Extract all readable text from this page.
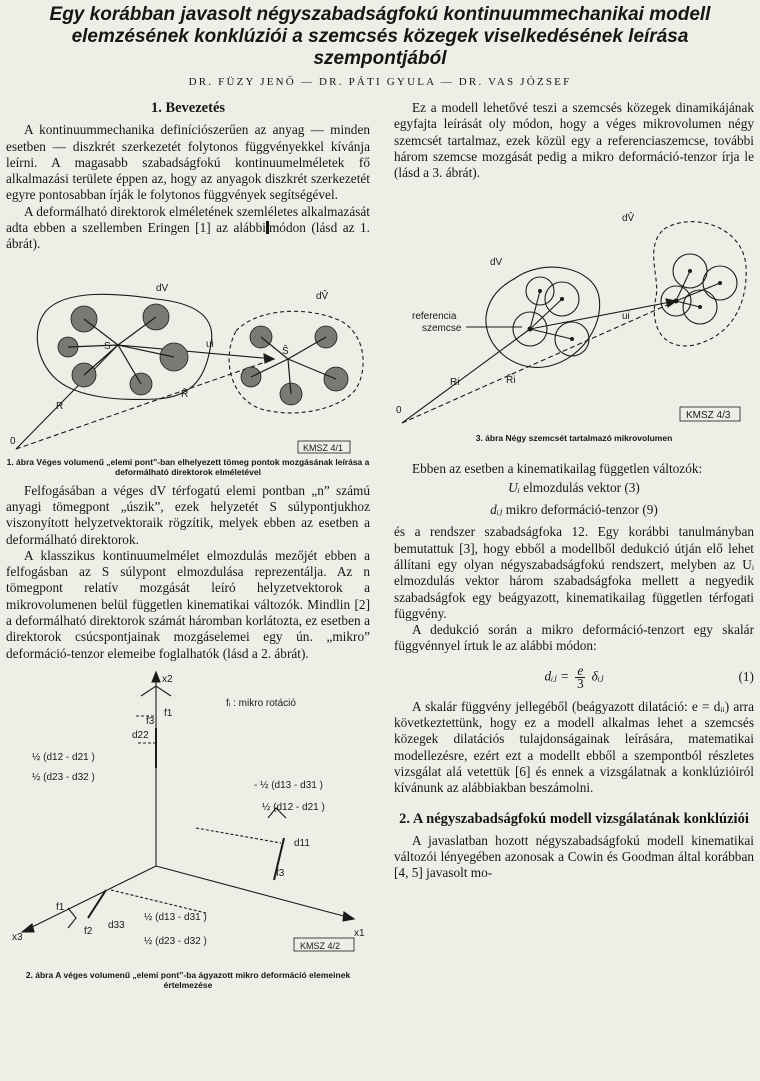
Egy korábban javasolt négyszabadságfokú kontinuummechanikai modell
elemzésének konklúziói a szemcsés közegek viselkedésének leírása
szempontjából
DR. FÜZY JENŐ — DR. PÁTI GYULA — DR. VAS JÓZSEF
1. Bevezetés

A kontinuummechanika definíciószerűen az anyag — minden esetben — diszkrét szerkezetét folytonos függvényekkel kívánja leírni. A magasabb szabadságfokú kontinuumelméletek fő alkalmazási területe éppen az, hogy az anyagok diszkrét szerkezetét egyre pontosabban írják le folytonos függvények segítségével.

A deformálható direktorok elméletének szemléletes alkalmazását adta ebben a szellemben Eringen [1] az alábbi módon (lásd az 1. ábrát).

dV
dV̂
S	Ŝ
ui
R
R̂
0
KMSZ 4/1
1. ábra Véges volumenű „elemi pont”-ban elhelyezett tömeg pontok mozgásának leírása a deformálható direktorok elméletével

Felfogásában a véges dV térfogatú elemi pontban „n” számú anyagi tömegpont „úszik”, ezek helyzetét S súlypontjukhoz viszonyított helyzetvektoraik rögzítik, melyek ebben az esetben a deformálható direktorok.

A klasszikus kontinuumelmélet elmozdulás mezőjét ebben a felfogásban az S súlypont elmozdulása reprezentálja. Az n tömegpont relatív mozgását leíró helyzetvektorok a mikrovolumenen belül független kinematikai változók. Mindlin [2] a deformálható direktorok számát háromban korlátozta, ez esetben a direktorok csúcspontjainak mozgáselemei egy ún. „mikro” deformáció-tenzor elemeibe foglalhatók (lásd a 2. ábrát).

x2
x1
x3
fᵢ : mikro rotáció
f3
f1
d22
½ (d12 - d21 )
½ (d23 - d32 )
- ½ (d13 - d31 )
½ (d12 - d21 )
d11
f3
f1
f2
d33
½ (d13 - d31 )
½ (d23 - d32 )	KMSZ 4/2
2. ábra A véges volumenű „elemi pont”-ba ágyazott mikro deformáció elemeinek értelmezése

Ez a modell lehetővé teszi a szemcsés közegek dinamikájának egyfajta leírását oly módon, hogy a véges mikrovolumen négy szemcsét tartalmaz, ezek közül egy a referenciaszemcse, további három szemcse mozgását pedig a mikro deformáció-tenzor írja le (lásd a 3. ábrát).

dV
dV̂
referencia
szemcse
ui
Ri	R̂i
0	KMSZ 4/3
3. ábra Négy szemcsét tartalmazó mikrovolumen

Ebben az esetben a kinematikailag független változók:

Uᵢ elmozdulás vektor (3)
dᵢⱼ mikro deformáció-tenzor (9)

és a rendszer szabadságfoka 12. Egy korábbi tanulmányban bemutattuk [3], hogy ebből a modellből dedukció útján elő lehet állítani egy olyan négyszabadságfokú rendszert, melyben az Uᵢ elmozdulás vektor három szabadságfoka mellett a negyedik szabadságfok egy beágyazott, kinematikailag független térfogati függvény.

A dedukció során a mikro deformáció-tenzort egy skalár függvénnyel írtuk le az alábbi módon:

dᵢⱼ = $\frac{e}{3}$ δᵢⱼ	(1)

A skalár függvény jellegéből (beágyazott dilatáció: e = dᵢᵢ) arra következtettünk, hogy ez a modell alkalmas lehet a szemcsés közegek dilatációs tulajdonságainak leírására, matematikai modellezésre, ezért ezt a modellt ebből a szempontból részletes vizsgálat alá vetettük [6] és ennek a vizsgálatnak a konklúzióiról kívánunk az alábbiakban beszámolni.

2. A négyszabadságfokú modell vizsgálatának konklúziói

A javaslatban hozott négyszabadságfokú modell kinematikai változói lényegében azonosak a Cowin és Goodman által korábban [4, 5] javasolt mo-
